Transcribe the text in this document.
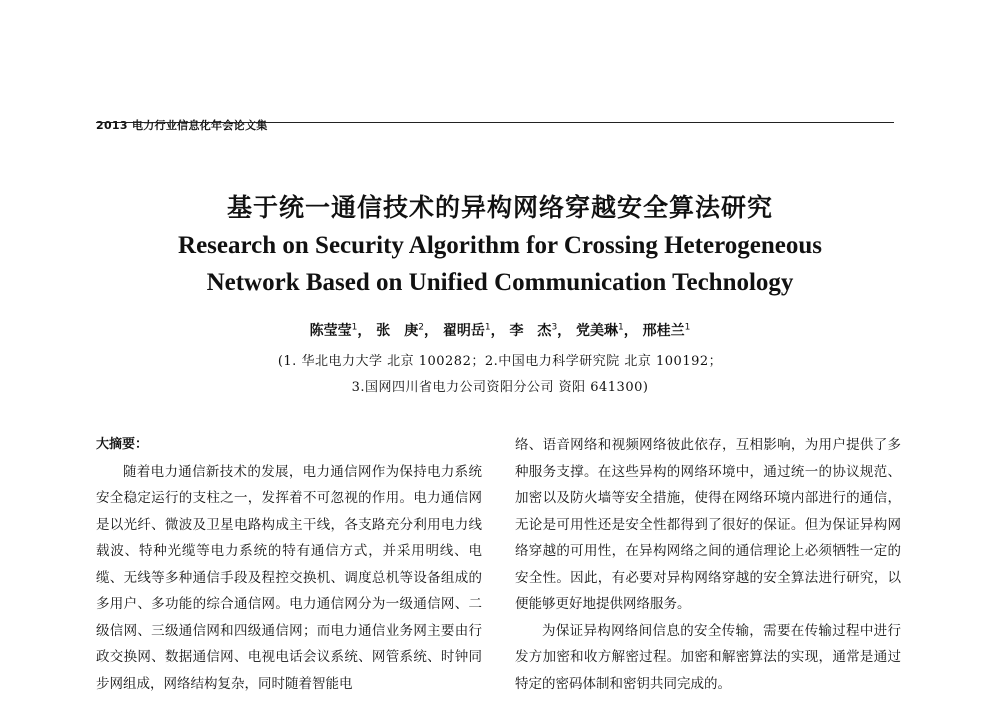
2013 电力行业信息化年会论文集
基于统一通信技术的异构网络穿越安全算法研究
Research on Security Algorithm for Crossing Heterogeneous
Network Based on Unified Communication Technology
陈莹莹$^1$， 张　庚$^2$， 翟明岳$^1$， 李　杰$^3$， 党美琳$^1$， 邢桂兰$^1$
(1. 华北电力大学 北京 100282；2.中国电力科学研究院 北京 100192；
3.国网四川省电力公司资阳分公司 资阳 641300)
大摘要：

随着电力通信新技术的发展，电力通信网作为保持电力系统安全稳定运行的支柱之一，发挥着不可忽视的作用。电力通信网是以光纤、微波及卫星电路构成主干线，各支路充分利用电力线载波、特种光缆等电力系统的特有通信方式，并采用明线、电缆、无线等多种通信手段及程控交换机、调度总机等设备组成的多用户、多功能的综合通信网。电力通信网分为一级通信网、二级信网、三级通信网和四级通信网；而电力通信业务网主要由行政交换网、数据通信网、电视电话会议系统、网管系统、时钟同步网组成，网络结构复杂，同时随着智能电

络、语音网络和视频网络彼此依存，互相影响，为用户提供了多种服务支撑。在这些异构的网络环境中，通过统一的协议规范、加密以及防火墙等安全措施，使得在网络环境内部进行的通信，无论是可用性还是安全性都得到了很好的保证。但为保证异构网络穿越的可用性，在异构网络之间的通信理论上必须牺牲一定的安全性。因此，有必要对异构网络穿越的安全算法进行研究，以便能够更好地提供网络服务。

为保证异构网络间信息的安全传输，需要在传输过程中进行发方加密和收方解密过程。加密和解密算法的实现，通常是通过特定的密码体制和密钥共同完成的。
